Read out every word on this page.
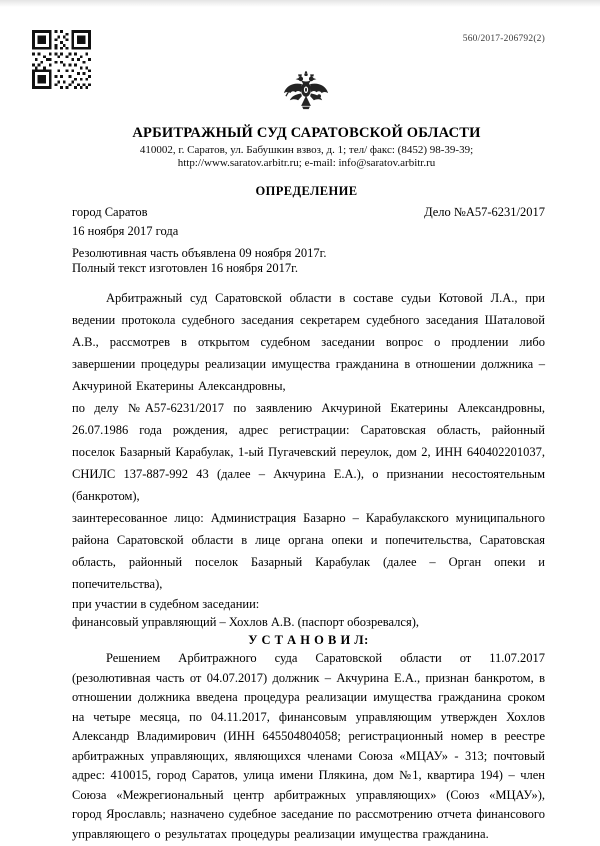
560/2017-206792(2)
АРБИТРАЖНЫЙ СУД САРАТОВСКОЙ ОБЛАСТИ
410002, г. Саратов, ул. Бабушкин взвоз, д. 1; тел/ факс: (8452) 98-39-39;
http://www.saratov.arbitr.ru; e-mail: info@saratov.arbitr.ru
ОПРЕДЕЛЕНИЕ
город Саратов	Дело №А57-6231/2017
16 ноября 2017 года
Резолютивная часть объявлена 09 ноября 2017г.
Полный текст изготовлен 16 ноября 2017г.

Арбитражный суд Саратовской области в составе судьи Котовой Л.А., при ведении протокола судебного заседания секретарем судебного заседания Шаталовой А.В., рассмотрев в открытом судебном заседании вопрос о продлении либо завершении процедуры реализации имущества гражданина в отношении должника – Акчуриной Екатерины Александровны,

по делу №А57-6231/2017 по заявлению Акчуриной Екатерины Александровны, 26.07.1986 года рождения, адрес регистрации: Саратовская область, районный поселок Базарный Карабулак, 1-ый Пугачевский переулок, дом 2, ИНН 640402201037, СНИЛС 137-887-992 43 (далее – Акчурина Е.А.), о признании несостоятельным (банкротом),

заинтересованное лицо: Администрация Базарно – Карабулакского муниципального района Саратовской области в лице органа опеки и попечительства, Саратовская область, районный поселок Базарный Карабулак (далее – Орган опеки и попечительства),

при участии в судебном заседании:

финансовый управляющий – Хохлов А.В. (паспорт обозревался),

У С Т А Н О В И Л:

Решением Арбитражного суда Саратовской области от 11.07.2017 (резолютивная часть от 04.07.2017) должник – Акчурина Е.А., признан банкротом, в отношении должника введена процедура реализации имущества гражданина сроком на четыре месяца, по 04.11.2017, финансовым управляющим утвержден Хохлов Александр Владимирович (ИНН 645504804058; регистрационный номер в реестре арбитражных управляющих, являющихся членами Союза «МЦАУ» - 313; почтовый адрес: 410015, город Саратов, улица имени Плякина, дом №1, квартира 194) – член Союза «Межрегиональный центр арбитражных управляющих» (Союз «МЦАУ»), город Ярославль; назначено судебное заседание по рассмотрению отчета финансового управляющего о результатах процедуры реализации имущества гражданина.
